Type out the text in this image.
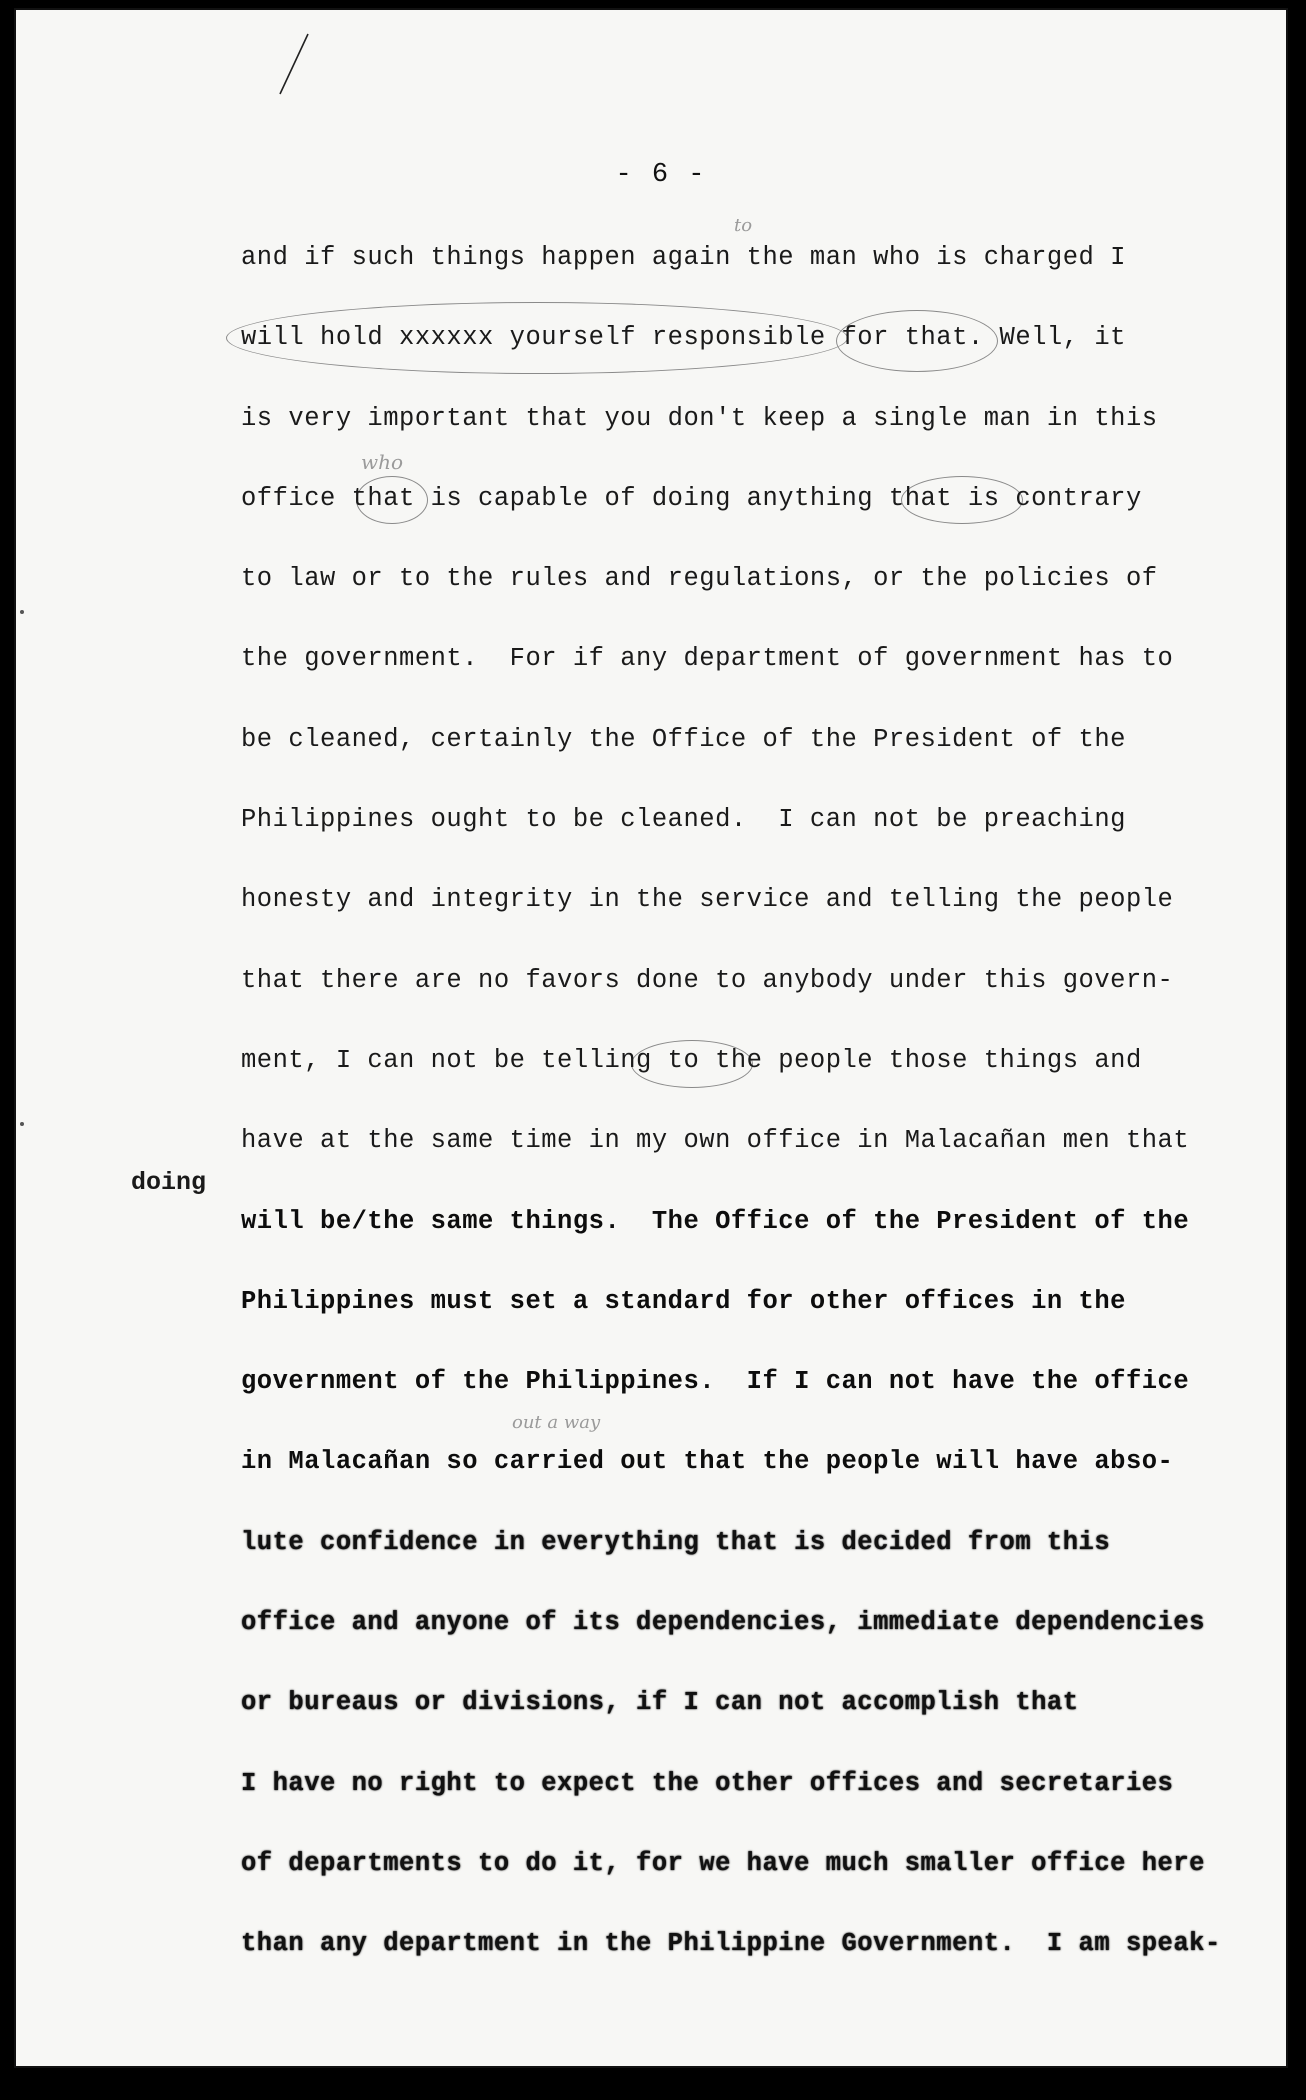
- 6 -
to
who
out a way
and if such things happen again the man who is charged I
will hold xxxxxx yourself responsible for that. Well, it
is very important that you don't keep a single man in this
office that is capable of doing anything that is contrary
to law or to the rules and regulations, or the policies of
the government.  For if any department of government has to
be cleaned, certainly the Office of the President of the
Philippines ought to be cleaned.  I can not be preaching
honesty and integrity in the service and telling the people
that there are no favors done to anybody under this govern-
ment, I can not be telling to the people those things and
have at the same time in my own office in Malacañan men that
will be/the same things.  The Office of the President of the
Philippines must set a standard for other offices in the
government of the Philippines.  If I can not have the office
in Malacañan so carried out that the people will have abso-
lute confidence in everything that is decided from this
office and anyone of its dependencies, immediate dependencies
or bureaus or divisions, if I can not accomplish that
I have no right to expect the other offices and secretaries
of departments to do it, for we have much smaller office here
than any department in the Philippine Government.  I am speak-
doing
